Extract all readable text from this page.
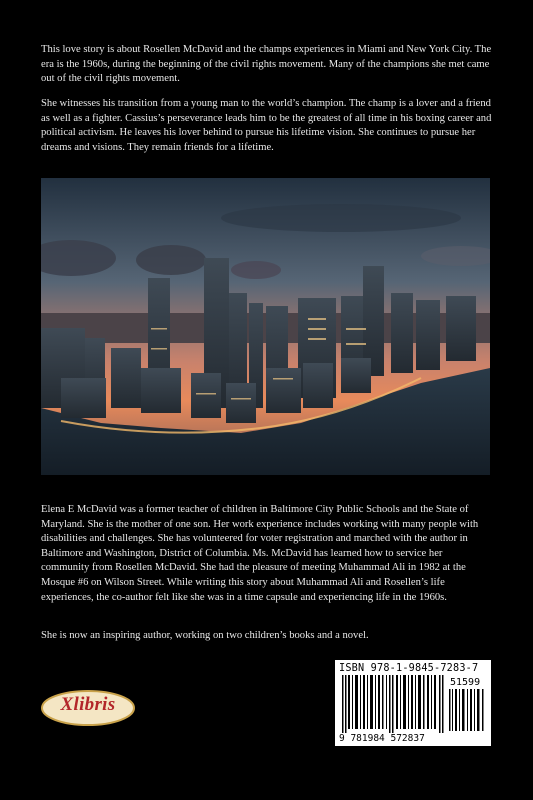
This love story is about Rosellen McDavid and the champs experiences in Miami and New York City. The era is the 1960s, during the beginning of the civil rights movement. Many of the champions she met came out of the civil rights movement.

She witnesses his transition from a young man to the world’s champion. The champ is a lover and a friend as well as a fighter. Cassius’s perseverance leads him to be the greatest of all time in his boxing career and political activism. He leaves his lover behind to pursue his lifetime vision. She continues to pursue her dreams and visions. They remain friends for a lifetime.

Elena E McDavid was a former teacher of children in Baltimore City Public Schools and the State of Maryland. She is the mother of one son. Her work experience includes working with many people with disabilities and challenges. She has volunteered for voter registration and marched with the author in Baltimore and Washington, District of Columbia. Ms. McDavid has learned how to service her community from Rosellen McDavid. She had the pleasure of meeting Muhammad Ali in 1982 at the Mosque #6 on Wilson Street. While writing this story about Muhammad Ali and Rosellen’s life experiences, the co-author felt like she was in a time capsule and experiencing life in the 1960s.

She is now an inspiring author, working on two children’s books and a novel.

Xlibris
ISBN 978-1-9845-7283-7
51599
9 781984 572837
